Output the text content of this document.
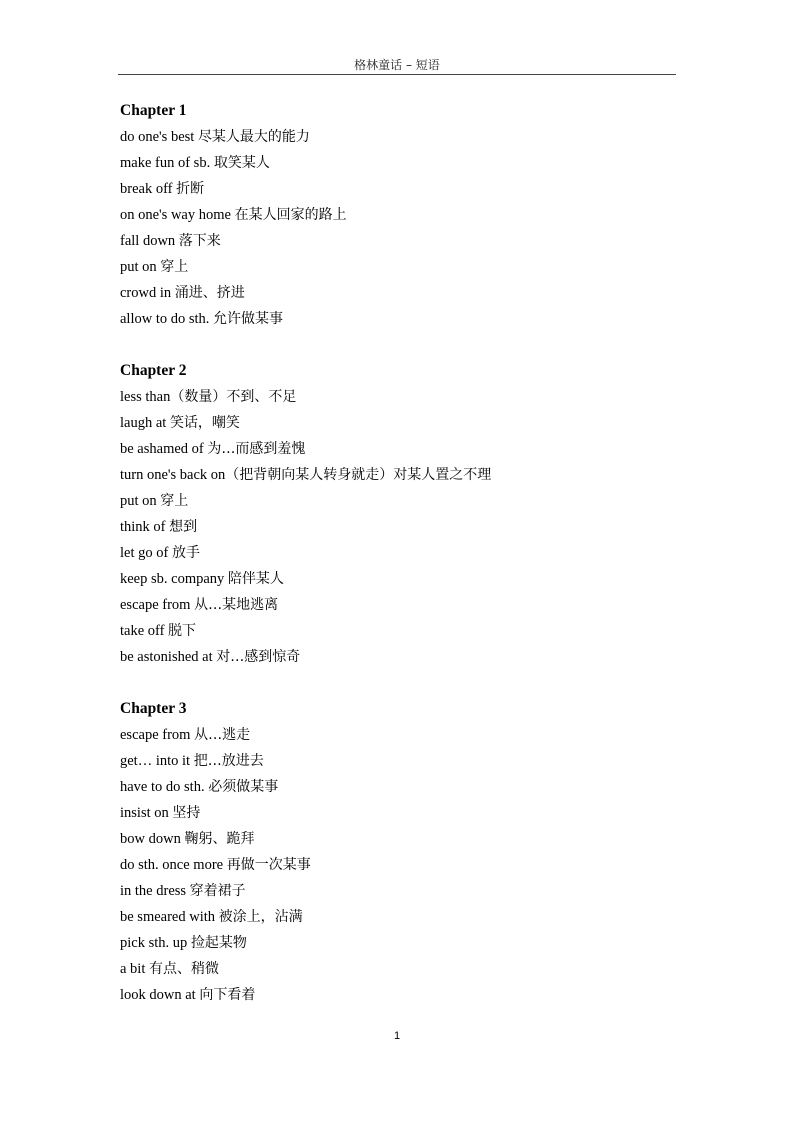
格林童话 – 短语
Chapter 1
do one's best 尽某人最大的能力
make fun of sb. 取笑某人
break off 折断
on one's way home 在某人回家的路上
fall down 落下来
put on 穿上
crowd in 涌进、挤进
allow to do sth. 允许做某事
Chapter 2
less than（数量）不到、不足
laugh at 笑话，嘲笑
be ashamed of 为…而感到羞愧
turn one's back on（把背朝向某人转身就走）对某人置之不理
put on 穿上
think of 想到
let go of 放手
keep sb. company 陪伴某人
escape from 从…某地逃离
take off 脱下
be astonished at 对…感到惊奇
Chapter 3
escape from 从…逃走
get… into it 把…放进去
have to do sth. 必须做某事
insist on 坚持
bow down 鞠躬、跪拜
do sth. once more 再做一次某事
in the dress 穿着裙子
be smeared with 被涂上，沾满
pick sth. up 捡起某物
a bit 有点、稍微
look down at 向下看着
1
